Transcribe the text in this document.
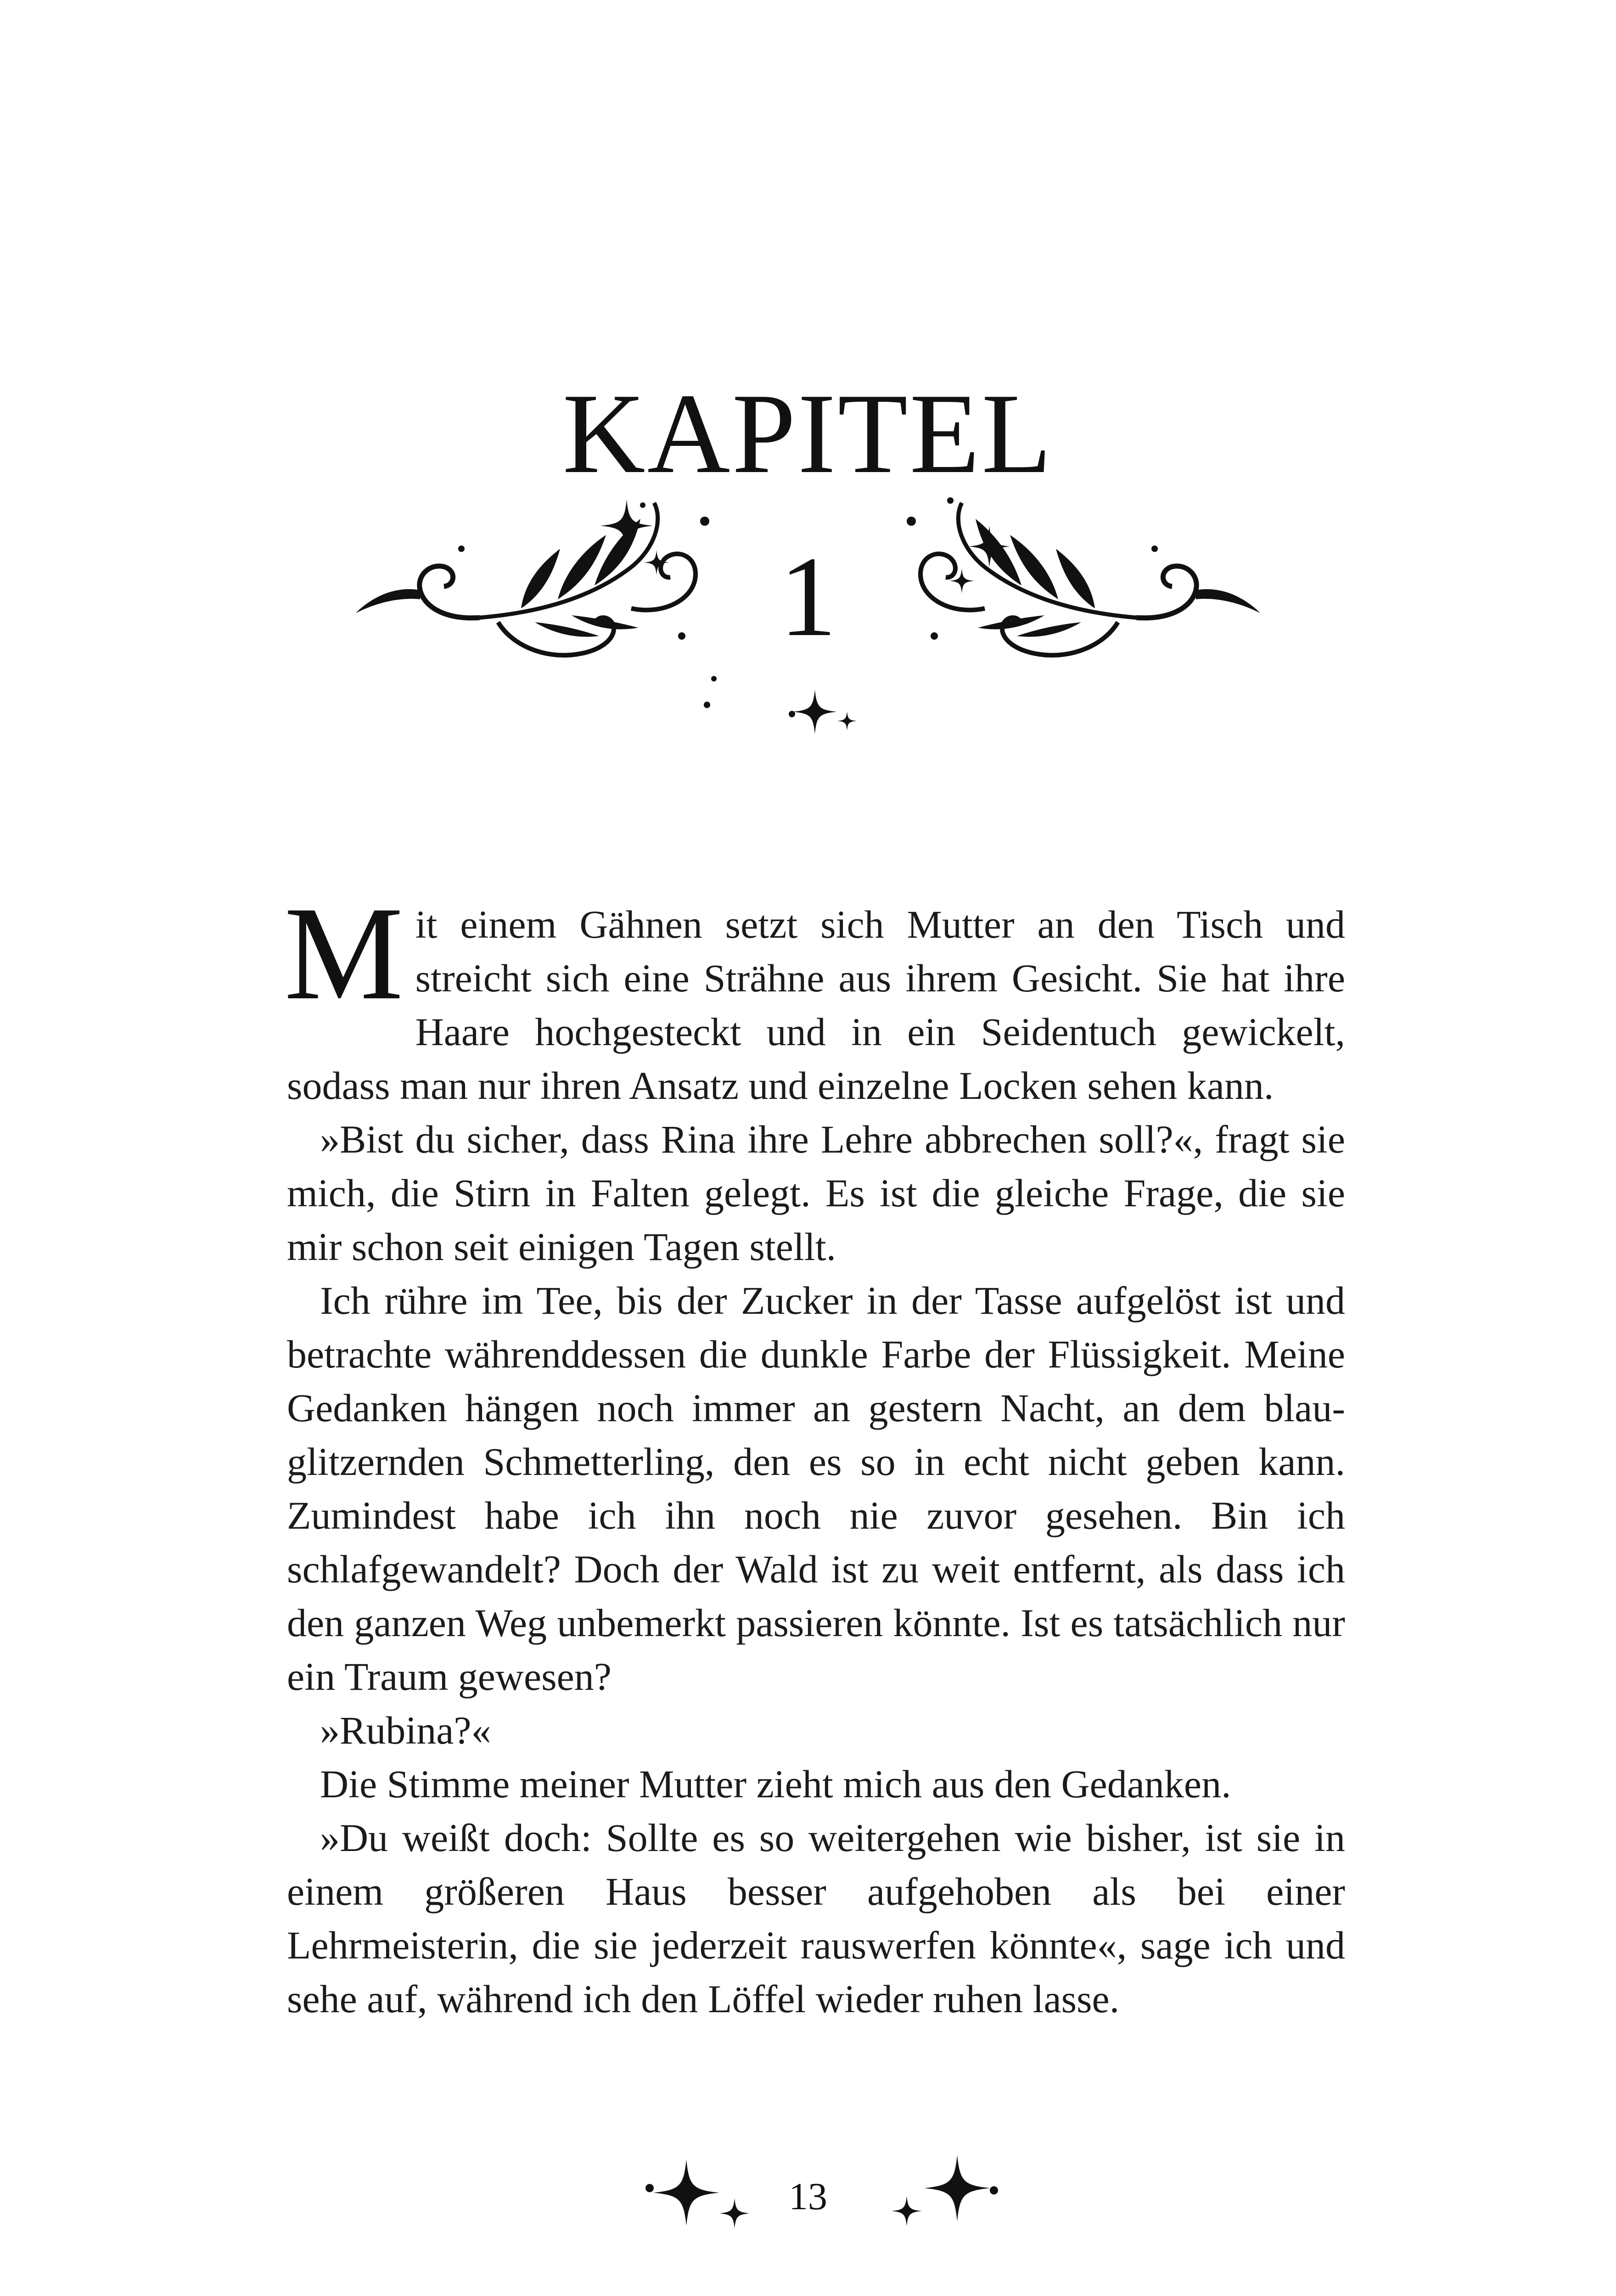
KAPITEL
1

Mit einem Gähnen setzt sich Mutter an den Tisch und streicht sich eine Strähne aus ihrem Gesicht. Sie hat ihre Haare hochgesteckt und in ein Seidentuch gewickelt, sodass man nur ihren Ansatz und einzelne Locken sehen kann.

»Bist du sicher, dass Rina ihre Lehre abbrechen soll?«, fragt sie mich, die Stirn in Falten gelegt. Es ist die gleiche Frage, die sie mir schon seit einigen Tagen stellt.

Ich rühre im Tee, bis der Zucker in der Tasse aufgelöst ist und betrachte währenddessen die dunkle Farbe der Flüssigkeit. Meine Gedanken hängen noch immer an gestern Nacht, an dem blau-glitzernden Schmetterling, den es so in echt nicht geben kann. Zumindest habe ich ihn noch nie zuvor gesehen. Bin ich schlafgewandelt? Doch der Wald ist zu weit entfernt, als dass ich den ganzen Weg unbemerkt passieren könnte. Ist es tatsächlich nur ein Traum gewesen?

»Rubina?«

Die Stimme meiner Mutter zieht mich aus den Gedanken.

»Du weißt doch: Sollte es so weitergehen wie bisher, ist sie in einem größeren Haus besser aufgehoben als bei einer Lehrmeisterin, die sie jederzeit rauswerfen könnte«, sage ich und sehe auf, während ich den Löffel wieder ruhen lasse.

13
